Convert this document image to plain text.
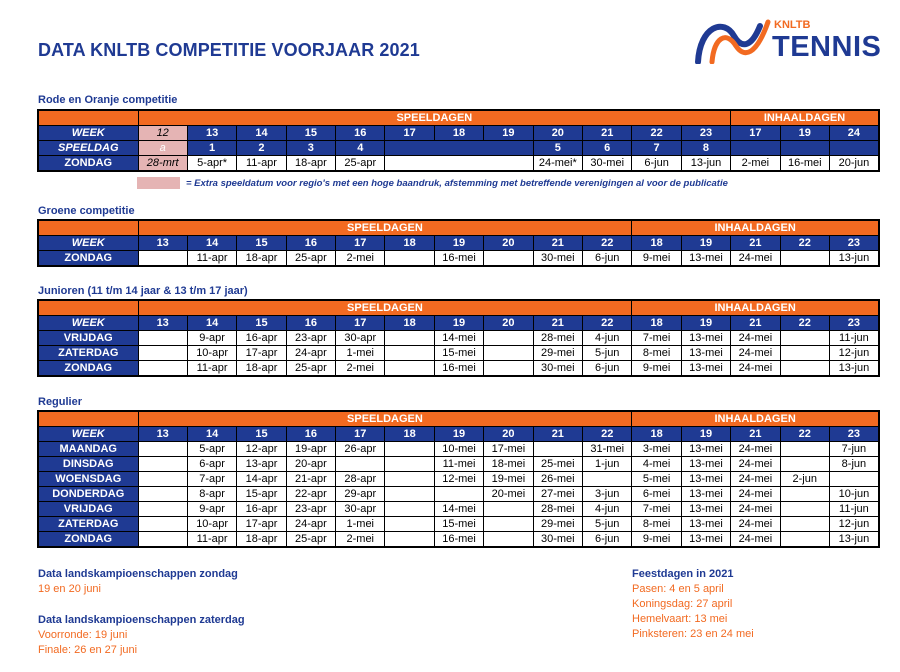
DATA KNLTB COMPETITIE VOORJAAR 2021
KNLTB
TENNIS
Rode en Oranje competitie
	SPEELDAGEN												INHAALDAGEN		
WEEK	12	13	14	15	16	17	18	19	20	21	22	23	17	19	24
SPEELDAG	a	1	2	3	4				5	6	7	8			
ZONDAG	28-mrt	5-apr*	11-apr	18-apr	25-apr				24-mei*	30-mei	6-jun	13-jun	2-mei	16-mei	20-jun
= Extra speeldatum voor regio's met een hoge baandruk, afstemming met betreffende verenigingen al voor de publicatie
Groene competitie
	SPEELDAGEN										INHAALDAGEN				
WEEK	13	14	15	16	17	18	19	20	21	22	18	19	21	22	23
ZONDAG		11-apr	18-apr	25-apr	2-mei		16-mei		30-mei	6-jun	9-mei	13-mei	24-mei		13-jun
Junioren (11 t/m 14 jaar & 13 t/m 17 jaar)
	SPEELDAGEN										INHAALDAGEN				
WEEK	13	14	15	16	17	18	19	20	21	22	18	19	21	22	23
VRIJDAG		9-apr	16-apr	23-apr	30-apr		14-mei		28-mei	4-jun	7-mei	13-mei	24-mei		11-jun
ZATERDAG		10-apr	17-apr	24-apr	1-mei		15-mei		29-mei	5-jun	8-mei	13-mei	24-mei		12-jun
ZONDAG		11-apr	18-apr	25-apr	2-mei		16-mei		30-mei	6-jun	9-mei	13-mei	24-mei		13-jun
Regulier
	SPEELDAGEN										INHAALDAGEN				
WEEK	13	14	15	16	17	18	19	20	21	22	18	19	21	22	23
MAANDAG		5-apr	12-apr	19-apr	26-apr		10-mei	17-mei		31-mei	3-mei	13-mei	24-mei		7-jun
DINSDAG		6-apr	13-apr	20-apr			11-mei	18-mei	25-mei	1-jun	4-mei	13-mei	24-mei		8-jun
WOENSDAG		7-apr	14-apr	21-apr	28-apr		12-mei	19-mei	26-mei		5-mei	13-mei	24-mei	2-jun	
DONDERDAG		8-apr	15-apr	22-apr	29-apr			20-mei	27-mei	3-jun	6-mei	13-mei	24-mei		10-jun
VRIJDAG		9-apr	16-apr	23-apr	30-apr		14-mei		28-mei	4-jun	7-mei	13-mei	24-mei		11-jun
ZATERDAG		10-apr	17-apr	24-apr	1-mei		15-mei		29-mei	5-jun	8-mei	13-mei	24-mei		12-jun
ZONDAG		11-apr	18-apr	25-apr	2-mei		16-mei		30-mei	6-jun	9-mei	13-mei	24-mei		13-jun
Data landskampioenschappen zondag
19 en 20 juni
Data landskampioenschappen zaterdag
Voorronde: 19 juni
Finale: 26 en 27 juni
Feestdagen in 2021
Pasen: 4 en 5 april
Koningsdag: 27 april
Hemelvaart: 13 mei
Pinksteren: 23 en 24 mei
